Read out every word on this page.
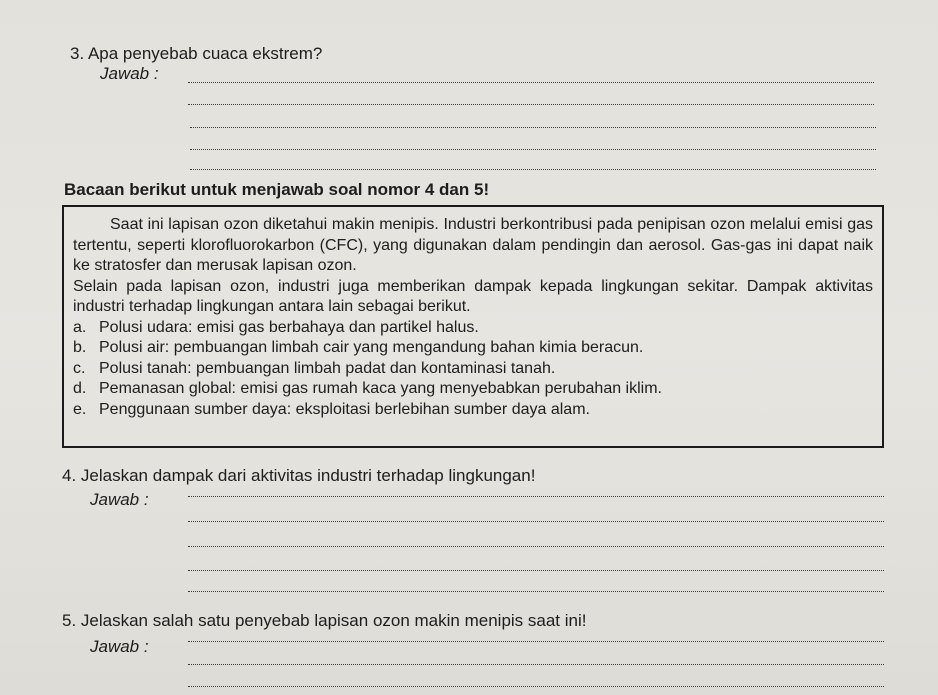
3. Apa penyebab cuaca ekstrem?
Jawab :
Bacaan berikut untuk menjawab soal nomor 4 dan 5!

Saat ini lapisan ozon diketahui makin menipis. Industri berkontribusi pada penipisan ozon melalui emisi gas tertentu, seperti klorofluorokarbon (CFC), yang digunakan dalam pendingin dan aerosol. Gas-gas ini dapat naik ke stratosfer dan merusak lapisan ozon.

Selain pada lapisan ozon, industri juga memberikan dampak kepada lingkungan sekitar. Dampak aktivitas industri terhadap lingkungan antara lain sebagai berikut.

a. Polusi udara: emisi gas berbahaya dan partikel halus.
b. Polusi air: pembuangan limbah cair yang mengandung bahan kimia beracun.
c. Polusi tanah: pembuangan limbah padat dan kontaminasi tanah.
d. Pemanasan global: emisi gas rumah kaca yang menyebabkan perubahan iklim.
e. Penggunaan sumber daya: eksploitasi berlebihan sumber daya alam.
4. Jelaskan dampak dari aktivitas industri terhadap lingkungan!
Jawab :
5. Jelaskan salah satu penyebab lapisan ozon makin menipis saat ini!
Jawab :
